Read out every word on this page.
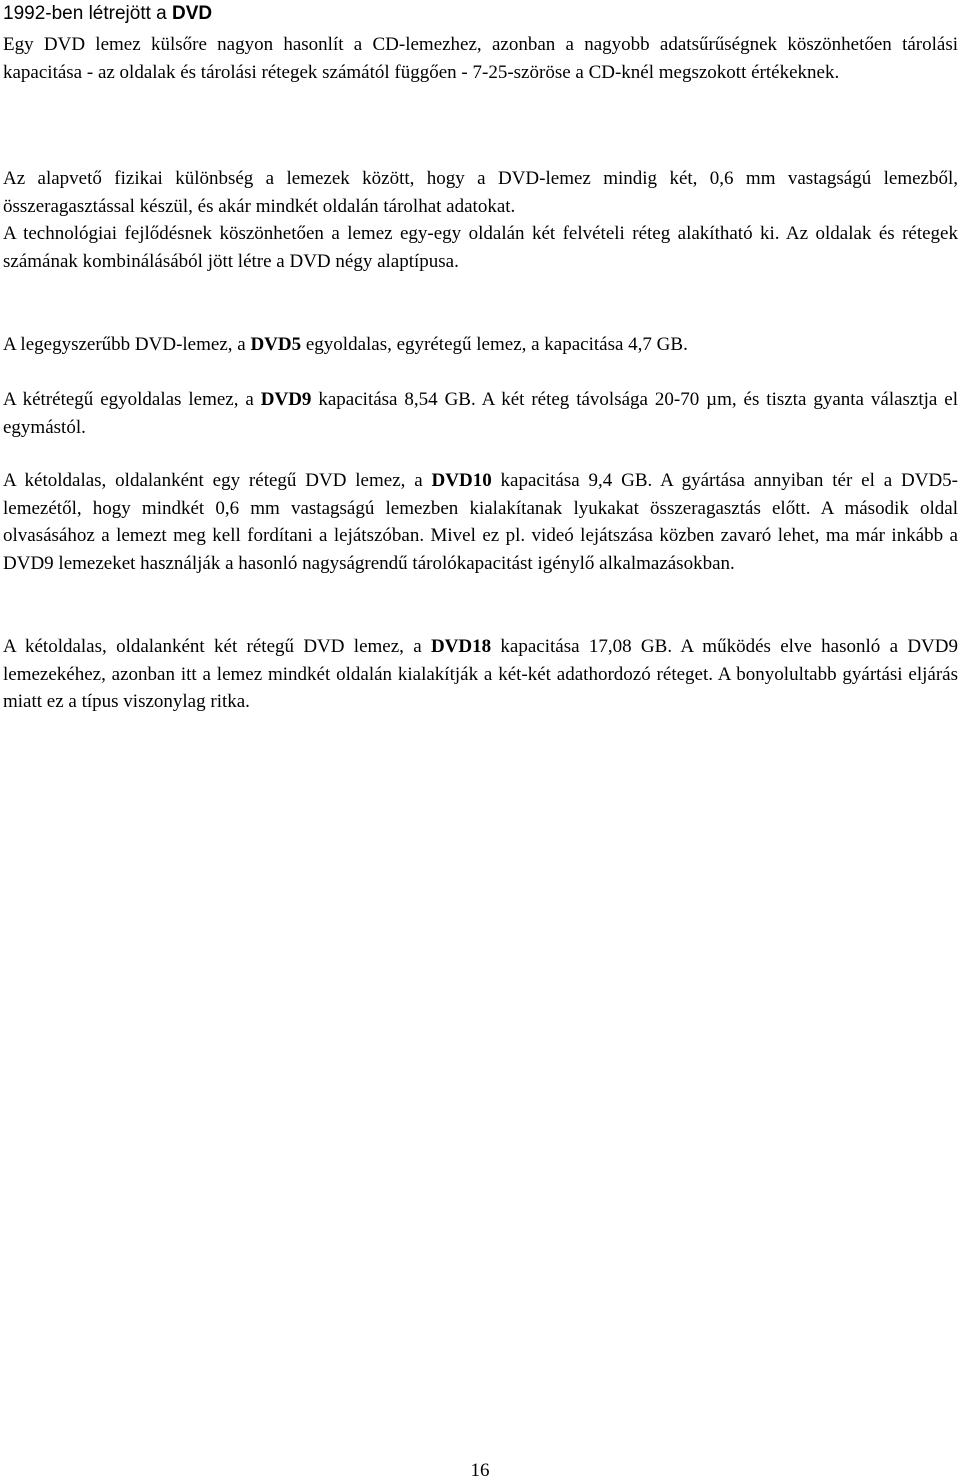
1992-ben létrejött a DVD

Egy DVD lemez külsőre nagyon hasonlít a CD-lemezhez, azonban a nagyobb adatsűrűségnek köszönhetően tárolási kapacitása - az oldalak és tárolási rétegek számától függően - 7-25-szöröse a CD-knél megszokott értékeknek.

Az alapvető fizikai különbség a lemezek között, hogy a DVD-lemez mindig két, 0,6 mm vastagságú lemezből, összeragasztással készül, és akár mindkét oldalán tárolhat adatokat.

A technológiai fejlődésnek köszönhetően a lemez egy-egy oldalán két felvételi réteg alakítható ki. Az oldalak és rétegek számának kombinálásából jött létre a DVD négy alaptípusa.

A legegyszerűbb DVD-lemez, a DVD5 egyoldalas, egyrétegű lemez, a kapacitása 4,7 GB.

A kétrétegű egyoldalas lemez, a DVD9 kapacitása 8,54 GB. A két réteg távolsága 20-70 µm, és tiszta gyanta választja el egymástól.

A kétoldalas, oldalanként egy rétegű DVD lemez, a DVD10 kapacitása 9,4 GB. A gyártása annyiban tér el a DVD5-lemezétől, hogy mindkét 0,6 mm vastagságú lemezben kialakítanak lyukakat összeragasztás előtt. A második oldal olvasásához a lemezt meg kell fordítani a lejátszóban. Mivel ez pl. videó lejátszása közben zavaró lehet, ma már inkább a DVD9 lemezeket használják a hasonló nagyságrendű tárolókapacitást igénylő alkalmazásokban.

A kétoldalas, oldalanként két rétegű DVD lemez, a DVD18 kapacitása 17,08 GB. A működés elve hasonló a DVD9 lemezekéhez, azonban itt a lemez mindkét oldalán kialakítják a két-két adathordozó réteget. A bonyolultabb gyártási eljárás miatt ez a típus viszonylag ritka.

16
